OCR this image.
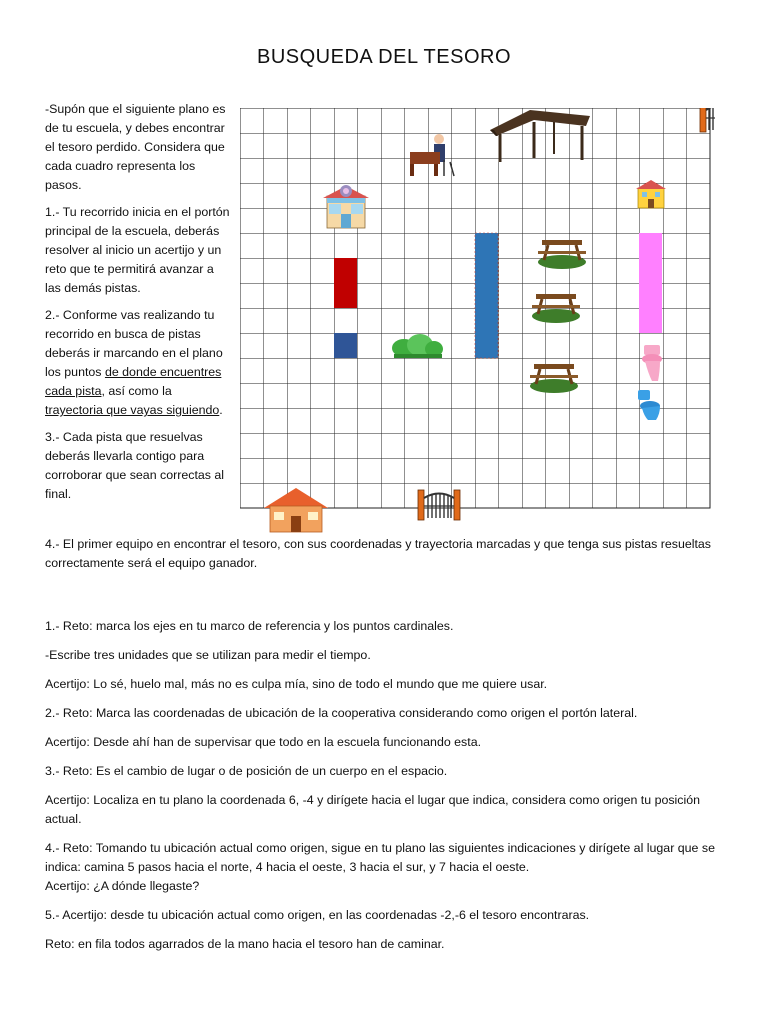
BUSQUEDA DEL TESORO

-Supón que el siguiente plano es de tu escuela, y debes encontrar el tesoro perdido. Considera que cada cuadro representa los pasos.

1.- Tu recorrido inicia en el portón principal de la escuela, deberás resolver al inicio un acertijo y un reto que te permitirá avanzar a las demás pistas.

2.- Conforme vas realizando tu recorrido en busca de pistas deberás ir marcando en el plano los puntos de donde encuentres cada pista, así como la trayectoria que vayas siguiendo.

3.- Cada pista que resuelvas deberás llevarla contigo para corroborar que sean correctas al final.

4.- El primer equipo en encontrar el tesoro, con sus coordenadas y trayectoria marcadas y que tenga sus pistas resueltas correctamente será el equipo ganador.

1.- Reto: marca los ejes en tu marco de referencia y los puntos cardinales.

-Escribe tres unidades que se utilizan para medir el tiempo.

Acertijo: Lo sé, huelo mal, más no es culpa mía, sino de todo el mundo que me quiere usar.

2.- Reto: Marca las coordenadas de ubicación de la cooperativa considerando como origen el portón lateral.

Acertijo: Desde ahí han de supervisar que todo en la escuela funcionando esta.

3.- Reto: Es el cambio de lugar o de posición de un cuerpo en el espacio.

Acertijo: Localiza en tu plano la coordenada 6, -4 y dirígete hacia el lugar que indica, considera como origen tu posición actual.

4.- Reto: Tomando tu ubicación actual como origen, sigue en tu plano las siguientes indicaciones y dirígete al lugar que se indica: camina 5 pasos hacia el norte, 4 hacia el oeste, 3 hacia el sur, y 7 hacia el oeste.
Acertijo: ¿A dónde llegaste?

5.- Acertijo: desde tu ubicación actual como origen, en las coordenadas -2,-6 el tesoro encontraras.

Reto: en fila todos agarrados de la mano hacia el tesoro han de caminar.
